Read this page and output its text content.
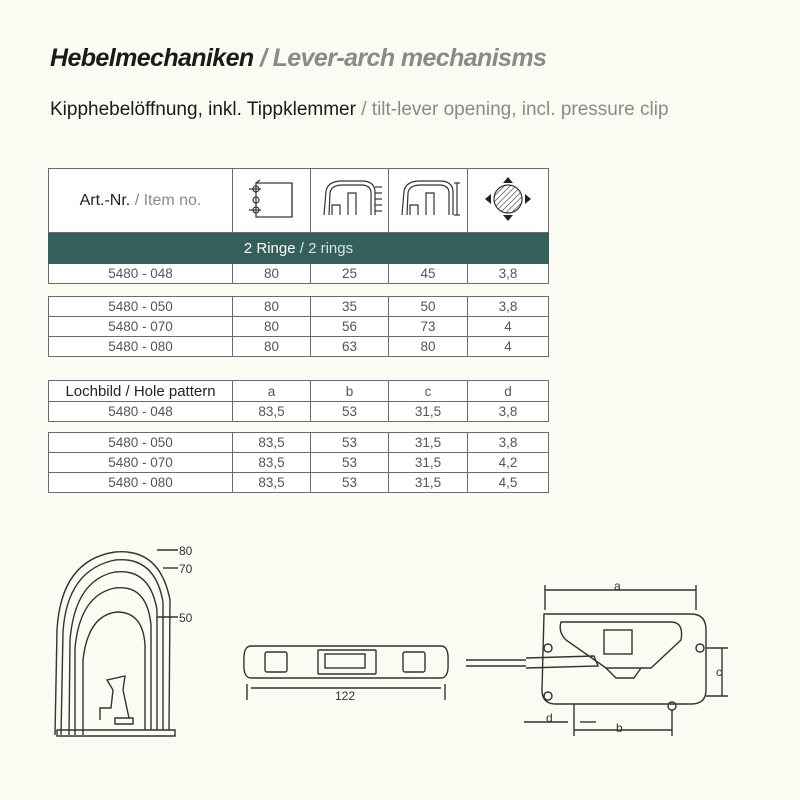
Hebelmechaniken / Lever-arch mechanisms
Kipphebelöffnung, inkl. Tippklemmer / tilt-lever opening, incl. pressure clip
Art.-Nr. / Item no.				
2 Ringe / 2 rings				
5480 - 048	80	25	45	3,8
5480 - 050	80	35	50	3,8
5480 - 070	80	56	73	4
5480 - 080	80	63	80	4
Lochbild / Hole pattern	a	b	c	d
5480 - 048	83,5	53	31,5	3,8
5480 - 050	83,5	53	31,5	3,8
5480 - 070	83,5	53	31,5	4,2
5480 - 080	83,5	53	31,5	4,5
80
70
50
122
a
c
b
d
